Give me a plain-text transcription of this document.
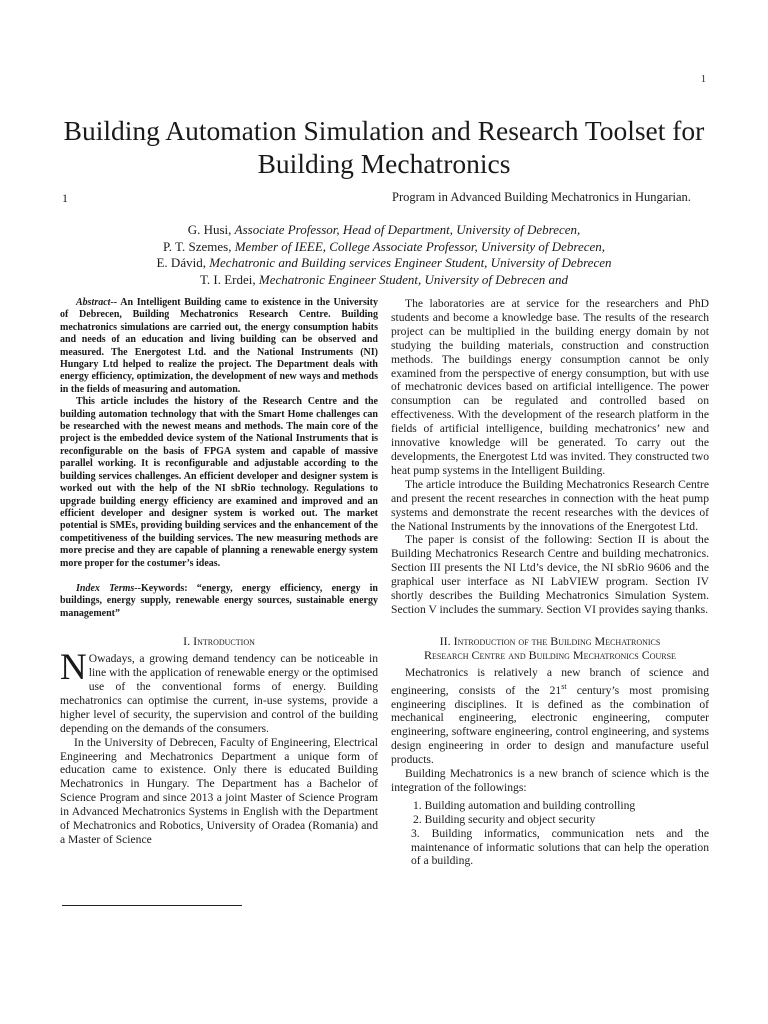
1
Building Automation Simulation and Research Toolset for Building Mechatronics
1	Program in Advanced Building Mechatronics in Hungarian.
G. Husi, Associate Professor, Head of Department, University of Debrecen,
P. T. Szemes, Member of IEEE, College Associate Professor, University of Debrecen,
E. Dávid, Mechatronic and Building services Engineer Student, University of Debrecen
T. I. Erdei, Mechatronic Engineer Student, University of Debrecen and

Abstract-- An Intelligent Building came to existence in the University of Debrecen, Building Mechatronics Research Centre. Building mechatronics simulations are carried out, the energy consumption habits and needs of an education and living building can be observed and measured. The Energotest Ltd. and the National Instruments (NI) Hungary Ltd helped to realize the project. The Department deals with energy efficiency, optimization, the development of new ways and methods in the fields of measuring and automation.

This article includes the history of the Research Centre and the building automation technology that with the Smart Home challenges can be researched with the newest means and methods. The main core of the project is the embedded device system of the National Instruments that is reconfigurable on the basis of FPGA system and capable of massive parallel working. It is reconfigurable and adjustable according to the building services challenges. An efficient developer and designer system is worked out with the help of the NI sbRio technology. Regulations to upgrade building energy efficiency are examined and improved and an efficient developer and designer system is worked out. The market potential is SMEs, providing building services and the enhancement of the competitiveness of the building services. The new measuring methods are more precise and they are capable of planning a renewable energy system more proper for the costumer’s ideas.

Index Terms--Keywords: “energy, energy efficiency, energy in buildings, energy supply, renewable energy sources, sustainable energy management”

I. Introduction

N Owadays, a growing demand tendency can be noticeable in line with the application of renewable energy or the optimised use of the conventional forms of energy. Building mechatronics can optimise the current, in-use systems, provide a higher level of security, the supervision and control of the building depending on the demands of the consumers.

In the University of Debrecen, Faculty of Engineering, Electrical Engineering and Mechatronics Department a unique form of education came to existence. Only there is educated Building Mechatronics in Hungary. The Department has a Bachelor of Science Program and since 2013 a joint Master of Science Program in Advanced Mechatronics Systems in English with the Department of Mechatronics and Robotics, University of Oradea (Romania) and a Master of Science

The laboratories are at service for the researchers and PhD students and become a knowledge base. The results of the research project can be multiplied in the building energy domain by not studying the building materials, construction and construction methods. The buildings energy consumption cannot be only examined from the perspective of energy consumption, but with use of mechatronic devices based on artificial intelligence. The power consumption can be regulated and controlled based on effectiveness. With the development of the research platform in the fields of artificial intelligence, building mechatronics’ new and innovative knowledge will be generated. To carry out the developments, the Energotest Ltd was invited. They constructed two heat pump systems in the Intelligent Building.

The article introduce the Building Mechatronics Research Centre and present the recent researches in connection with the heat pump systems and demonstrate the recent researches with the devices of the National Instruments by the innovations of the Energotest Ltd.

The paper is consist of the following: Section II is about the Building Mechatronics Research Centre and building mechatronics. Section III presents the NI Ltd’s device, the NI sbRio 9606 and the graphical user interface as NI LabVIEW program. Section IV shortly describes the Building Mechatronics Simulation System. Section V includes the summary. Section VI provides saying thanks.

II. Introduction of the Building Mechatronics
Research Centre and Building Mechatronics Course

Mechatronics is relatively a new branch of science and engineering, consists of the 21st century’s most promising engineering disciplines. It is defined as the combination of mechanical engineering, electronic engineering, computer engineering, software engineering, control engineering, and systems design engineering in order to design and manufacture useful products.

Building Mechatronics is a new branch of science which is the integration of the followings:

1. Building automation and building controlling
2. Building security and object security
3. Building informatics, communication nets and the maintenance of informatic solutions that can help the operation of a building.
